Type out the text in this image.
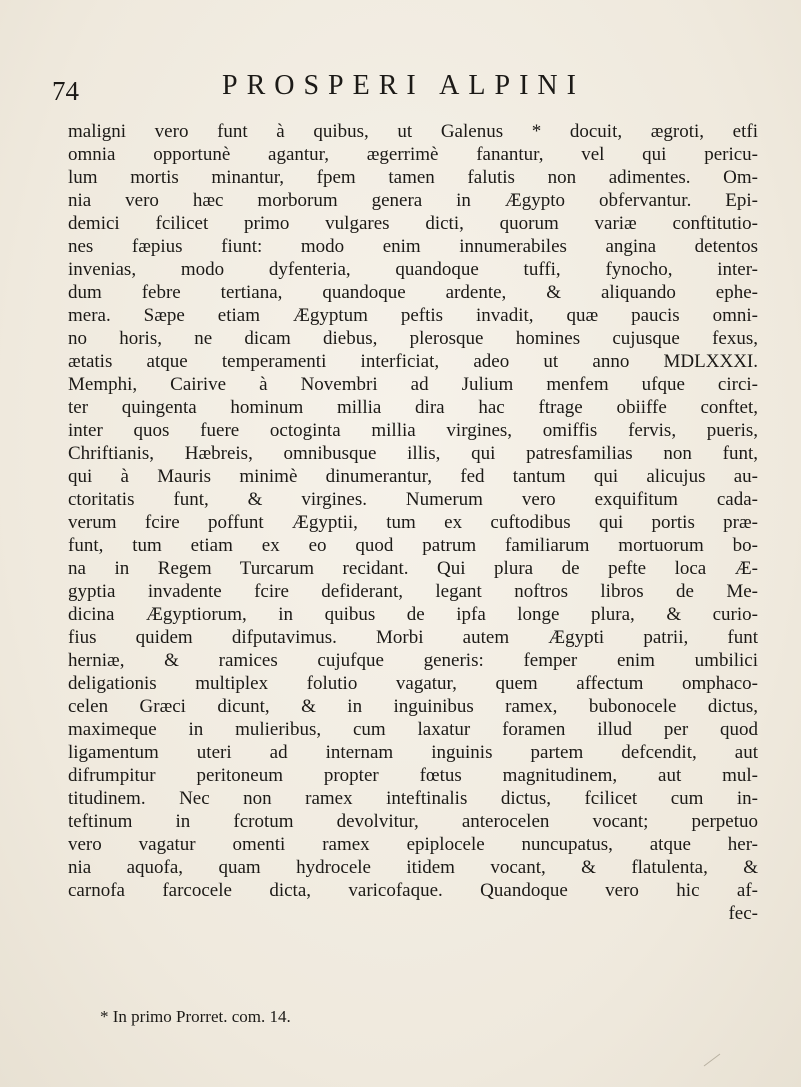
74	PROSPERI ALPINI
maligni vero funt à quibus, ut Galenus * docuit, ægroti, etfi
omnia opportunè agantur, ægerrimè fanantur, vel qui pericu-
lum mortis minantur, fpem tamen falutis non adimentes. Om-
nia vero hæc morborum genera in Ægypto obfervantur. Epi-
demici fcilicet primo vulgares dicti, quorum variæ conftitutio-
nes fæpius fiunt: modo enim innumerabiles angina detentos
invenias, modo dyfenteria, quandoque tuffi, fynocho, inter-
dum febre tertiana, quandoque ardente, & aliquando ephe-
mera. Sæpe etiam Ægyptum peftis invadit, quæ paucis omni-
no horis, ne dicam diebus, plerosque homines cujusque fexus,
ætatis atque temperamenti interficiat, adeo ut anno MDLXXXI.
Memphi, Cairive à Novembri ad Julium menfem ufque circi-
ter quingenta hominum millia dira hac ftrage obiiffe conftet,
inter quos fuere octoginta millia virgines, omiffis fervis, pueris,
Chriftianis, Hæbreis, omnibusque illis, qui patresfamilias non funt,
qui à Mauris minimè dinumerantur, fed tantum qui alicujus au-
ctoritatis funt, & virgines. Numerum vero exquifitum cada-
verum fcire poffunt Ægyptii, tum ex cuftodibus qui portis præ-
funt, tum etiam ex eo quod patrum familiarum mortuorum bo-
na in Regem Turcarum recidant. Qui plura de pefte loca Æ-
gyptia invadente fcire defiderant, legant noftros libros de Me-
dicina Ægyptiorum, in quibus de ipfa longe plura, & curio-
fius quidem difputavimus. Morbi autem Ægypti patrii, funt
herniæ, & ramices cujufque generis: femper enim umbilici
deligationis multiplex folutio vagatur, quem affectum omphaco-
celen Græci dicunt, & in inguinibus ramex, bubonocele dictus,
maximeque in mulieribus, cum laxatur foramen illud per quod
ligamentum uteri ad internam inguinis partem defcendit, aut
difrumpitur peritoneum propter fœtus magnitudinem, aut mul-
titudinem. Nec non ramex inteftinalis dictus, fcilicet cum in-
teftinum in fcrotum devolvitur, anterocelen vocant; perpetuo
vero vagatur omenti ramex epiplocele nuncupatus, atque her-
nia aquofa, quam hydrocele itidem vocant, & flatulenta, &
carnofa farcocele dicta, varicofaque. Quandoque vero hic af-
fec-
* In primo Prorret. com. 14.
